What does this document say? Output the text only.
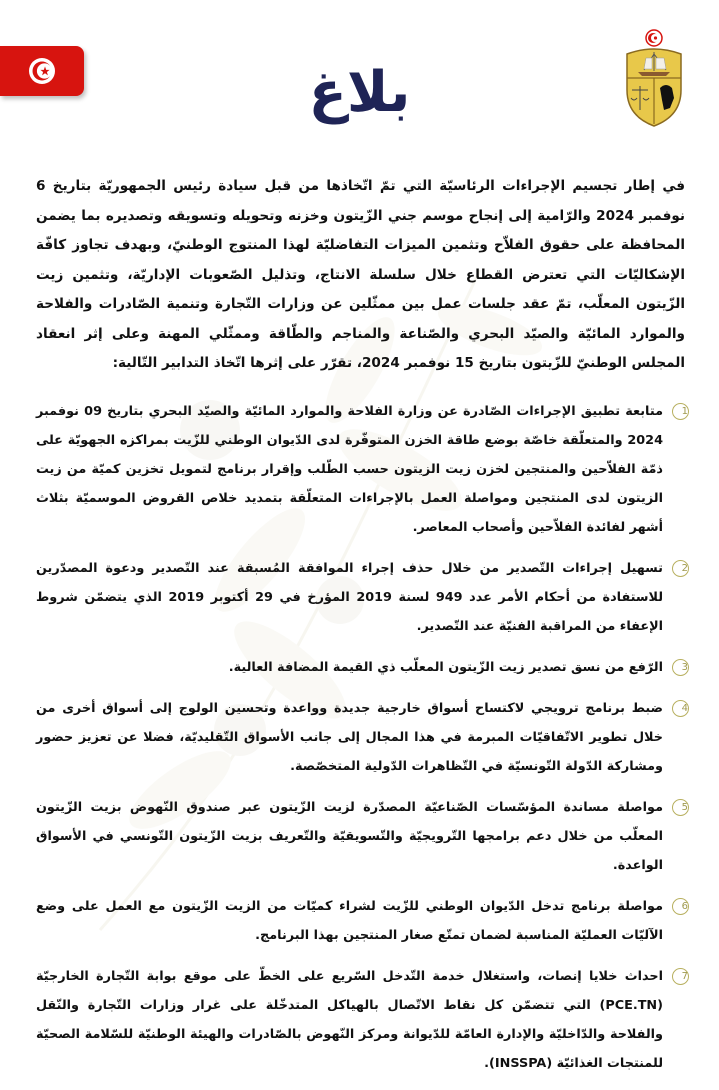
بلاغ

في إطار تجسيم الإجراءات الرئاسيّة التي تمّ اتّخاذها من قبل سيادة رئيس الجمهوريّة بتاريخ 6 نوفمبر 2024 والرّامية إلى إنجاح موسم جني الزّيتون وخزنه وتحويله وتسويقه وتصديره بما يضمن المحافظة على حقوق الفلاّح وتثمين الميزات التفاضليّة لهذا المنتوج الوطنيّ، وبهدف تجاوز كافّة الإشكاليّات التي تعترض القطاع خلال سلسلة الانتاج، وتذليل الصّعوبات الإداريّة، وتثمين زيت الزّيتون المعلّب، تمّ عقد جلسات عمل بين ممثّلين عن وزارات التّجارة وتنمية الصّادرات والفلاحة والموارد المائيّة والصيّد البحري والصّناعة والمناجم والطّاقة وممثّلي المهنة وعلى إثر انعقاد المجلس الوطنيّ للزّيتون بتاريخ 15 نوفمبر 2024، تقرّر على إثرها اتّخاذ التدابير التّالية:

1
متابعة تطبيق الإجراءات الصّادرة عن وزارة الفلاحة والموارد المائيّة والصيّد البحري بتاريخ 09 نوفمبر 2024 والمتعلّقة خاصّة بوضع طاقة الخزن المتوفّرة لدى الدّيوان الوطني للزّيت بمراكزه الجهويّة على ذمّة الفلاّحين والمنتجين لخزن زيت الزيتون حسب الطّلب وإقرار برنامج لتمويل تخزين كميّة من زيت الزيتون لدى المنتجين ومواصلة العمل بالإجراءات المتعلّقة بتمديد خلاص القروض الموسميّة بثلاث أشهر لفائدة الفلاّحين وأصحاب المعاصر.
2
تسهيل إجراءات التّصدير من خلال حذف إجراء الموافقة المُسبقة عند التّصدير ودعوة المصدّرين للاستفادة من أحكام الأمر عدد 949 لسنة 2019 المؤرخ في 29 أكتوبر 2019 الذي يتضمّن شروط الإعفاء من المراقبة الفنيّة عند التّصدير.
3
الرّفع من نسق تصدير زيت الزّيتون المعلّب ذي القيمة المضافة العالية.
4
ضبط برنامج ترويجي لاكتساح أسواق خارجية جديدة وواعدة وتحسين الولوج إلى أسواق أخرى من خلال تطوير الاتّفاقيّات المبرمة في هذا المجال إلى جانب الأسواق التّقليديّة، فضلا عن تعزيز حضور ومشاركة الدّولة التّونسيّة في التّظاهرات الدّولية المتخصّصة.
5
مواصلة مساندة المؤسّسات الصّناعيّة المصدّرة لزيت الزّيتون عبر صندوق النّهوض بزيت الزّيتون المعلّب من خلال دعم برامجها التّرويجيّة والتّسويقيّة والتّعريف بزيت الزّيتون التّونسي في الأسواق الواعدة.
6
مواصلة برنامج تدخل الدّيوان الوطني للزّيت لشراء كميّات من الزيت الزّيتون مع العمل على وضع الآليّات العمليّة المناسبة لضمان تمتّع صغار المنتجين بهذا البرنامج.
7
احداث خلايا إنصات، واستغلال خدمة التّدخل السّريع على الخطّ على موقع بوابة التّجارة الخارجيّة (PCE.TN) التي تتضمّن كل نقاط الاتّصال بالهياكل المتدخّلة على غرار وزارات التّجارة والنّقل والفلاحة والدّاخليّة والإدارة العامّة للدّيوانة ومركز النّهوض بالصّادرات والهيئة الوطنيّة للسّلامة الصحيّة للمنتجات الغذائيّة (INSSPA).
